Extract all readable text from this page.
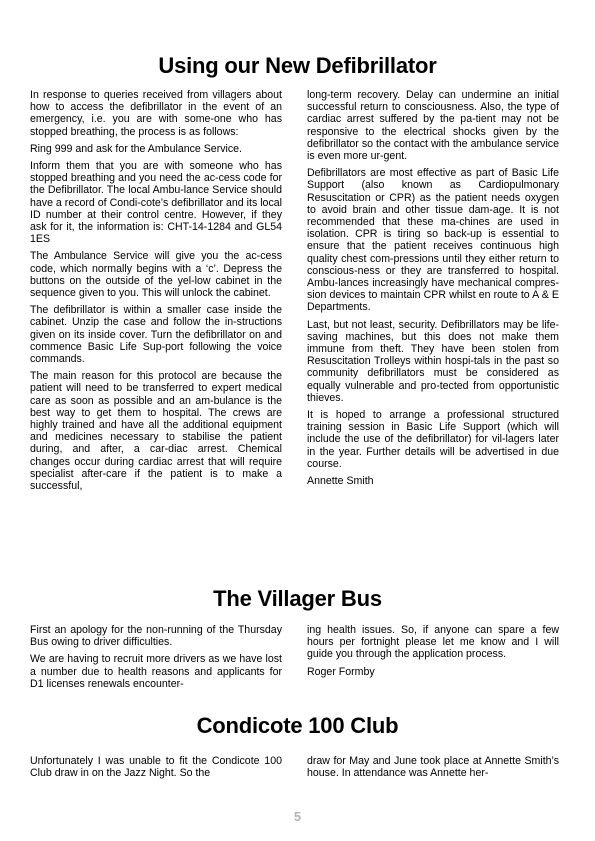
Using our New Defibrillator

In response to queries received from villagers about how to access the defibrillator in the event of an emergency, i.e. you are with some-one who has stopped breathing, the process is as follows:

Ring 999 and ask for the Ambulance Service.

Inform them that you are with someone who has stopped breathing and you need the ac-cess code for the Defibrillator. The local Ambu-lance Service should have a record of Condi-cote’s defibrillator and its local ID number at their control centre. However, if they ask for it, the information is: CHT-14-1284 and GL54 1ES

The Ambulance Service will give you the ac-cess code, which normally begins with a ‘c’. Depress the buttons on the outside of the yel-low cabinet in the sequence given to you. This will unlock the cabinet.

The defibrillator is within a smaller case inside the cabinet. Unzip the case and follow the in-structions given on its inside cover. Turn the defibrillator on and commence Basic Life Sup-port following the voice commands.

The main reason for this protocol are because the patient will need to be transferred to expert medical care as soon as possible and an am-bulance is the best way to get them to hospital. The crews are highly trained and have all the additional equipment and medicines necessary to stabilise the patient during, and after, a car-diac arrest. Chemical changes occur during cardiac arrest that will require specialist after-care if the patient is to make a successful,

long-term recovery. Delay can undermine an initial successful return to consciousness. Also, the type of cardiac arrest suffered by the pa-tient may not be responsive to the electrical shocks given by the defibrillator so the contact with the ambulance service is even more ur-gent.

Defibrillators are most effective as part of Basic Life Support (also known as Cardiopulmonary Resuscitation or CPR) as the patient needs oxygen to avoid brain and other tissue dam-age. It is not recommended that these ma-chines are used in isolation. CPR is tiring so back-up is essential to ensure that the patient receives continuous high quality chest com-pressions until they either return to conscious-ness or they are transferred to hospital. Ambu-lances increasingly have mechanical compres-sion devices to maintain CPR whilst en route to A & E Departments.

Last, but not least, security. Defibrillators may be life-saving machines, but this does not make them immune from theft. They have been stolen from Resuscitation Trolleys within hospi-tals in the past so community defibrillators must be considered as equally vulnerable and pro-tected from opportunistic thieves.

It is hoped to arrange a professional structured training session in Basic Life Support (which will include the use of the defibrillator) for vil-lagers later in the year. Further details will be advertised in due course.

Annette Smith

The Villager Bus

First an apology for the non-running of the Thursday Bus owing to driver difficulties.

We are having to recruit more drivers as we have lost a number due to health reasons and applicants for D1 licenses renewals encounter-

ing health issues. So, if anyone can spare a few hours per fortnight please let me know and I will guide you through the application process.

Roger Formby

Condicote 100 Club

Unfortunately I was unable to fit the Condicote 100 Club draw in on the Jazz Night. So the

draw for May and June took place at Annette Smith’s house. In attendance was Annette her-

5
